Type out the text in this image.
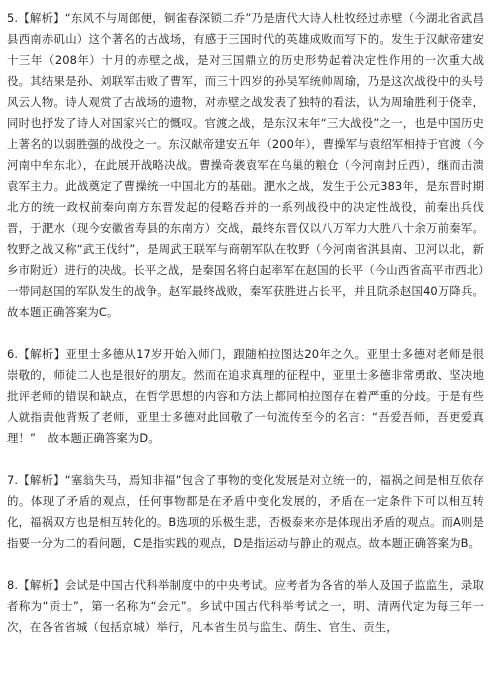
5.【解析】“东风不与周郎便，铜雀春深锁二乔”乃是唐代大诗人杜牧经过赤壁（今湖北省武昌县西南赤矶山）这个著名的古战场，有感于三国时代的英雄成败而写下的。发生于汉献帝建安十三年（208年）十月的赤壁之战，是对三国鼎立的历史形势起着决定性作用的一次重大战役。其结果是孙、刘联军击败了曹军，而三十四岁的孙吴军统帅周瑜，乃是这次战役中的头号风云人物。诗人观赏了古战场的遗物，对赤壁之战发表了独特的看法，认为周瑜胜利于侥幸，同时也抒发了诗人对国家兴亡的慨叹。官渡之战，是东汉末年“三大战役”之一，也是中国历史上著名的以弱胜强的战役之一。东汉献帝建安五年（200年），曹操军与袁绍军相持于官渡（今河南中牟东北），在此展开战略决战。曹操奇袭袁军在乌巢的粮仓（今河南封丘西），继而击溃袁军主力。此战奠定了曹操统一中国北方的基础。淝水之战，发生于公元383年，是东晋时期北方的统一政权前秦向南方东晋发起的侵略吞并的一系列战役中的决定性战役，前秦出兵伐晋，于淝水（现今安徽省寿县的东南方）交战，最终东晋仅以八万军力大胜八十余万前秦军。牧野之战又称“武王伐纣”，是周武王联军与商朝军队在牧野（今河南省淇县南、卫河以北，新乡市附近）进行的决战。长平之战，是秦国名将白起率军在赵国的长平（今山西省高平市西北）一带同赵国的军队发生的战争。赵军最终战败，秦军获胜进占长平，并且阬杀赵国40万降兵。故本题正确答案为C。

6.【解析】亚里士多德从17岁开始入师门，跟随柏拉图达20年之久。亚里士多德对老师是很崇敬的，师徒二人也是很好的朋友。然而在追求真理的征程中，亚里士多德非常勇敢、坚决地批评老师的错误和缺点，在哲学思想的内容和方法上都同柏拉图存在着严重的分歧。于是有些人就指责他背叛了老师，亚里士多德对此回敬了一句流传至今的名言：“吾爱吾师，吾更爱真理！”　故本题正确答案为D。

7.【解析】“塞翁失马，焉知非福”包含了事物的变化发展是对立统一的，福祸之间是相互依存的。体现了矛盾的观点，任何事物都是在矛盾中变化发展的，矛盾在一定条件下可以相互转化，福祸双方也是相互转化的。B选项的乐极生悲，否极泰来亦是体现出矛盾的观点。而A则是指要一分为二的看问题，C是指实践的观点，D是指运动与静止的观点。故本题正确答案为B。

8.【解析】会试是中国古代科举制度中的中央考试。应考者为各省的举人及国子监监生，录取者称为“贡士”，第一名称为“会元”。乡试中国古代科举考试之一，明、清两代定为每三年一次，在各省省城（包括京城）举行，凡本省生员与监生、荫生、官生、贡生，
